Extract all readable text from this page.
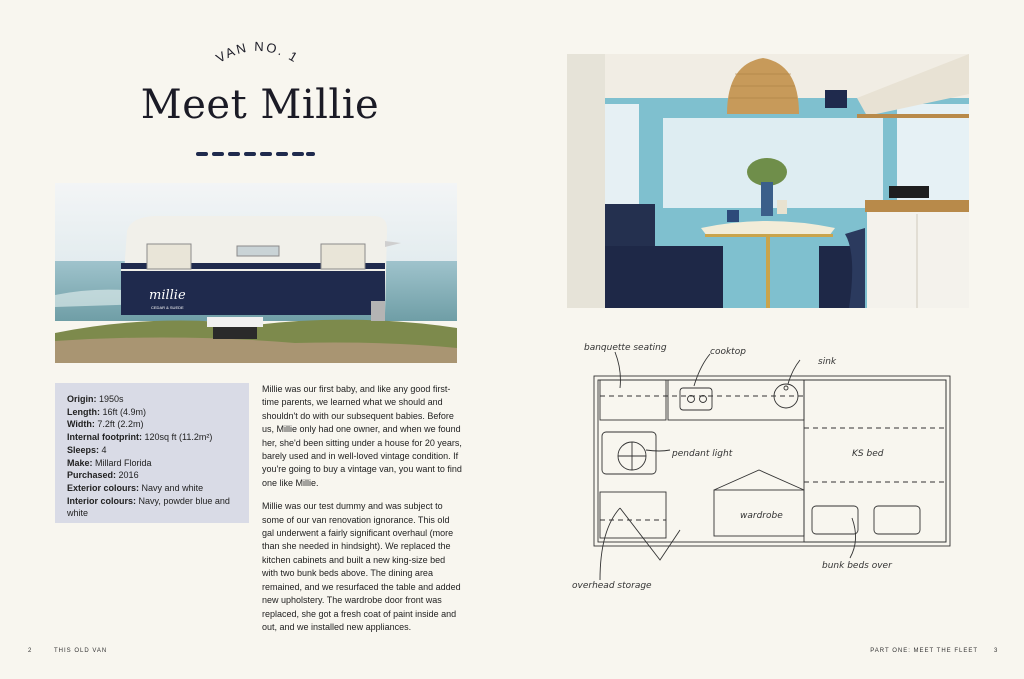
VAN NO. 1
Meet Millie
millie
CEDAR & SUEDE
Origin: 1950s
Length: 16ft (4.9m)
Width: 7.2ft (2.2m)
Internal footprint: 120sq ft (11.2m²)
Sleeps: 4
Make: Millard Florida
Purchased: 2016
Exterior colours: Navy and white
Interior colours: Navy, powder blue and white

Millie was our first baby, and like any good first-time parents, we learned what we should and shouldn't do with our subsequent babies. Before us, Millie only had one owner, and when we found her, she'd been sitting under a house for 20 years, barely used and in well-loved vintage condition. If you're going to buy a vintage van, you want to find one like Millie.

Millie was our test dummy and was subject to some of our van renovation ignorance. This old gal underwent a fairly significant overhaul (more than she needed in hindsight). We replaced the kitchen cabinets and built a new king-size bed with two bunk beds above. The dining area remained, and we resurfaced the table and added new upholstery. The wardrobe door front was replaced, she got a fresh coat of paint inside and out, and we installed new appliances.

banquette seating	cooktop
sink
pendant light	KS bed
wardrobe
overhead storage
bunk beds over
2	THIS OLD VAN	PART ONE: MEET THE FLEET	3
